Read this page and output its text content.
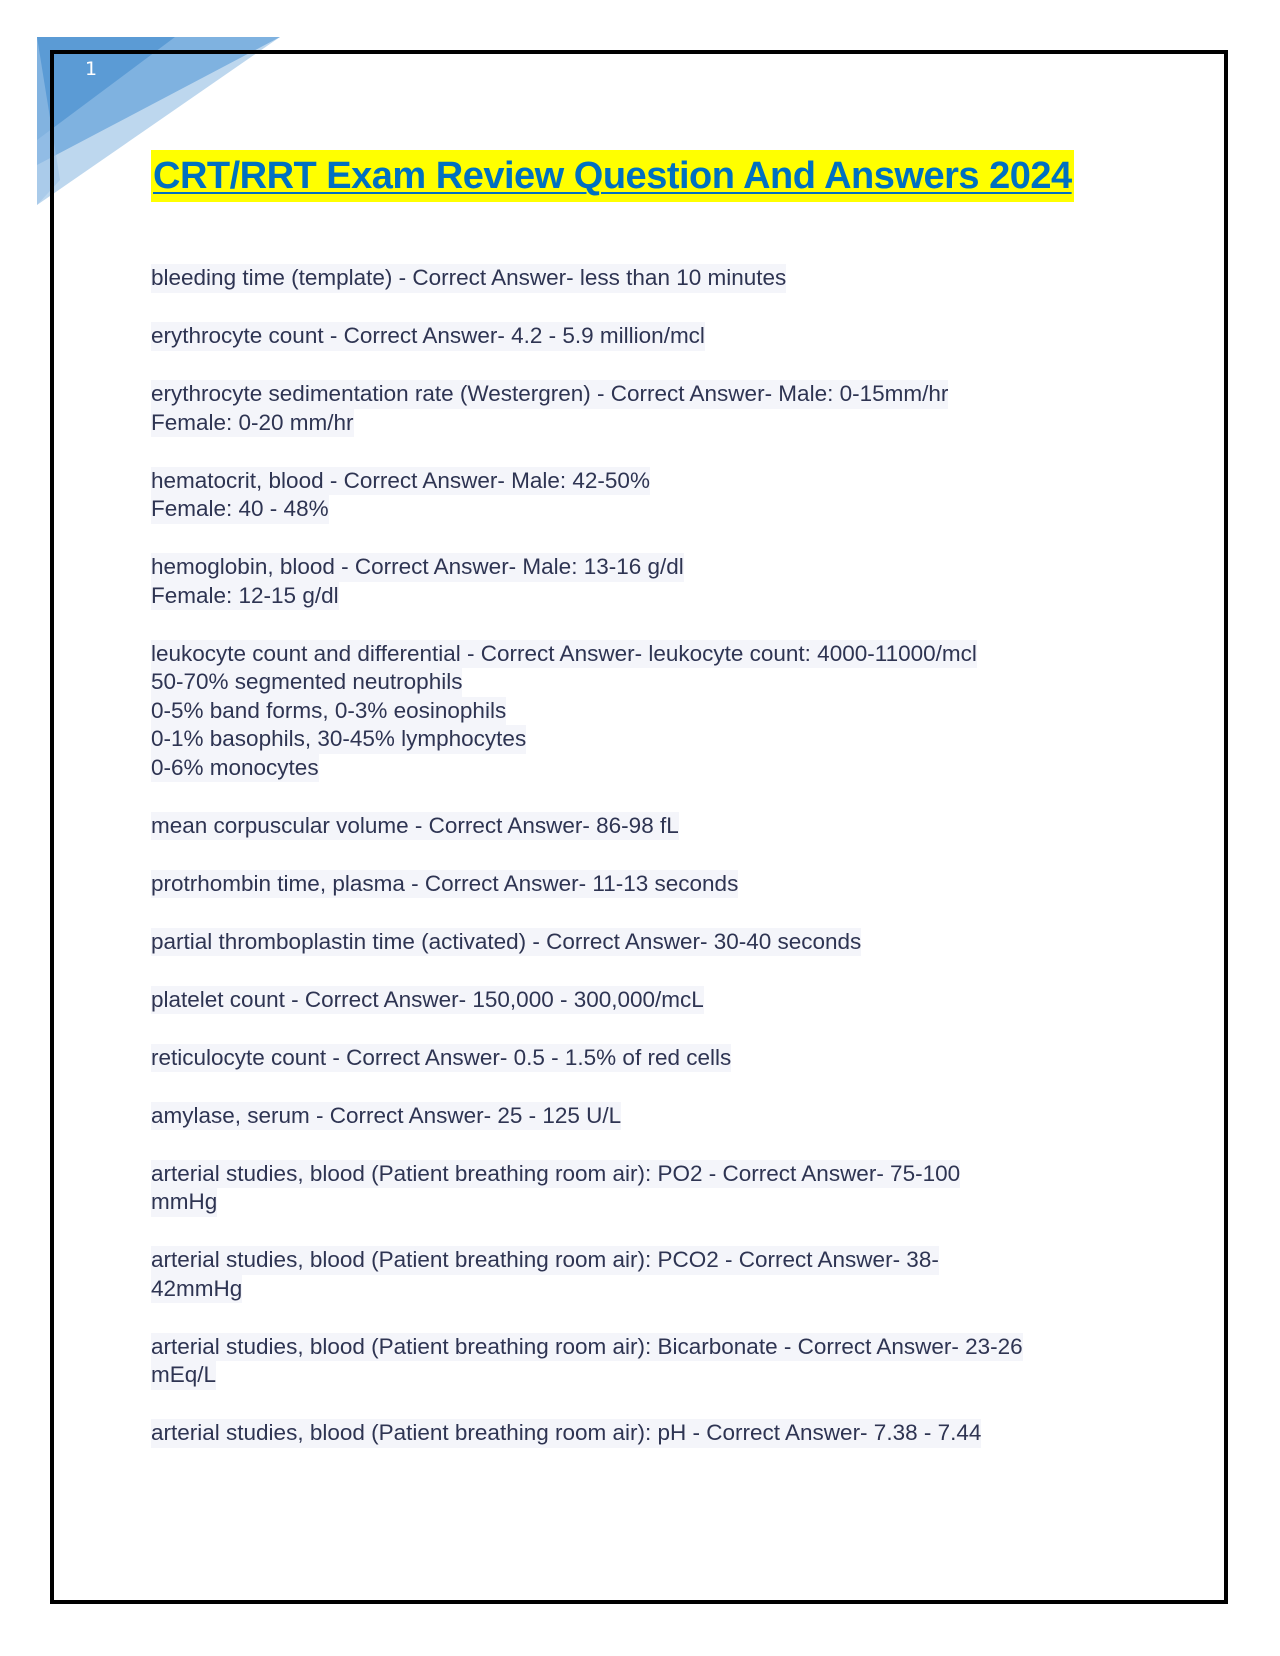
1
CRT/RRT Exam Review Question And Answers 2024
bleeding time (template) - Correct Answer- less than 10 minutes
erythrocyte count - Correct Answer- 4.2 - 5.9 million/mcl
erythrocyte sedimentation rate (Westergren) - Correct Answer- Male: 0-15mm/hr
Female: 0-20 mm/hr
hematocrit, blood - Correct Answer- Male: 42-50%
Female: 40 - 48%
hemoglobin, blood - Correct Answer- Male: 13-16 g/dl
Female: 12-15 g/dl
leukocyte count and differential - Correct Answer- leukocyte count: 4000-11000/mcl
50-70% segmented neutrophils
0-5% band forms, 0-3% eosinophils
0-1% basophils, 30-45% lymphocytes
0-6% monocytes
mean corpuscular volume - Correct Answer- 86-98 fL
protrhombin time, plasma - Correct Answer- 11-13 seconds
partial thromboplastin time (activated) - Correct Answer- 30-40 seconds
platelet count - Correct Answer- 150,000 - 300,000/mcL
reticulocyte count - Correct Answer- 0.5 - 1.5% of red cells
amylase, serum - Correct Answer- 25 - 125 U/L
arterial studies, blood (Patient breathing room air): PO2 - Correct Answer- 75-100
mmHg
arterial studies, blood (Patient breathing room air): PCO2 - Correct Answer- 38-
42mmHg
arterial studies, blood (Patient breathing room air): Bicarbonate - Correct Answer- 23-26
mEq/L
arterial studies, blood (Patient breathing room air): pH - Correct Answer- 7.38 - 7.44
